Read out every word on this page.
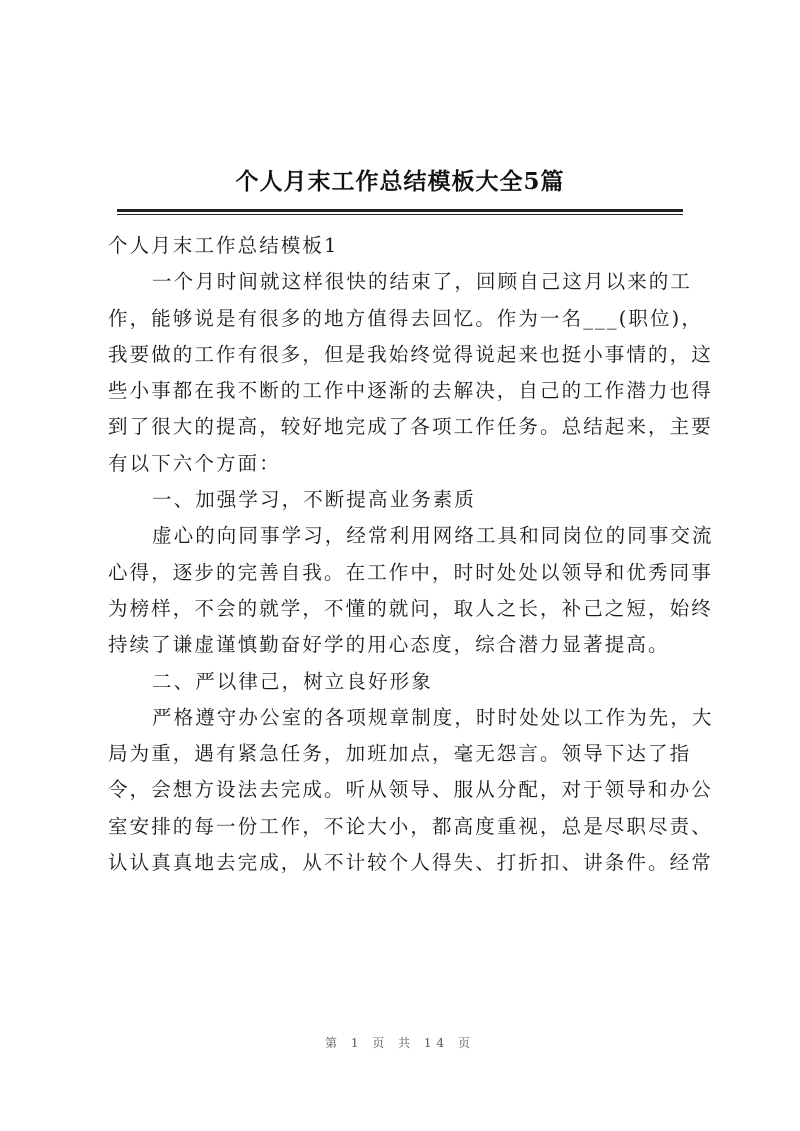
个人月末工作总结模板大全5篇
个人月末工作总结模板1
一个月时间就这样很快的结束了，回顾自己这月以来的工
作，能够说是有很多的地方值得去回忆。作为一名___(职位)，
我要做的工作有很多，但是我始终觉得说起来也挺小事情的，这
些小事都在我不断的工作中逐渐的去解决，自己的工作潜力也得
到了很大的提高，较好地完成了各项工作任务。总结起来，主要
有以下六个方面：
一、加强学习，不断提高业务素质
虚心的向同事学习，经常利用网络工具和同岗位的同事交流
心得，逐步的完善自我。在工作中，时时处处以领导和优秀同事
为榜样，不会的就学，不懂的就问，取人之长，补己之短，始终
持续了谦虚谨慎勤奋好学的用心态度，综合潜力显著提高。
二、严以律己，树立良好形象
严格遵守办公室的各项规章制度，时时处处以工作为先，大
局为重，遇有紧急任务，加班加点，毫无怨言。领导下达了指
令，会想方设法去完成。听从领导、服从分配，对于领导和办公
室安排的每一份工作，不论大小，都高度重视，总是尽职尽责、
认认真真地去完成，从不计较个人得失、打折扣、讲条件。经常
第 1 页 共 14 页
